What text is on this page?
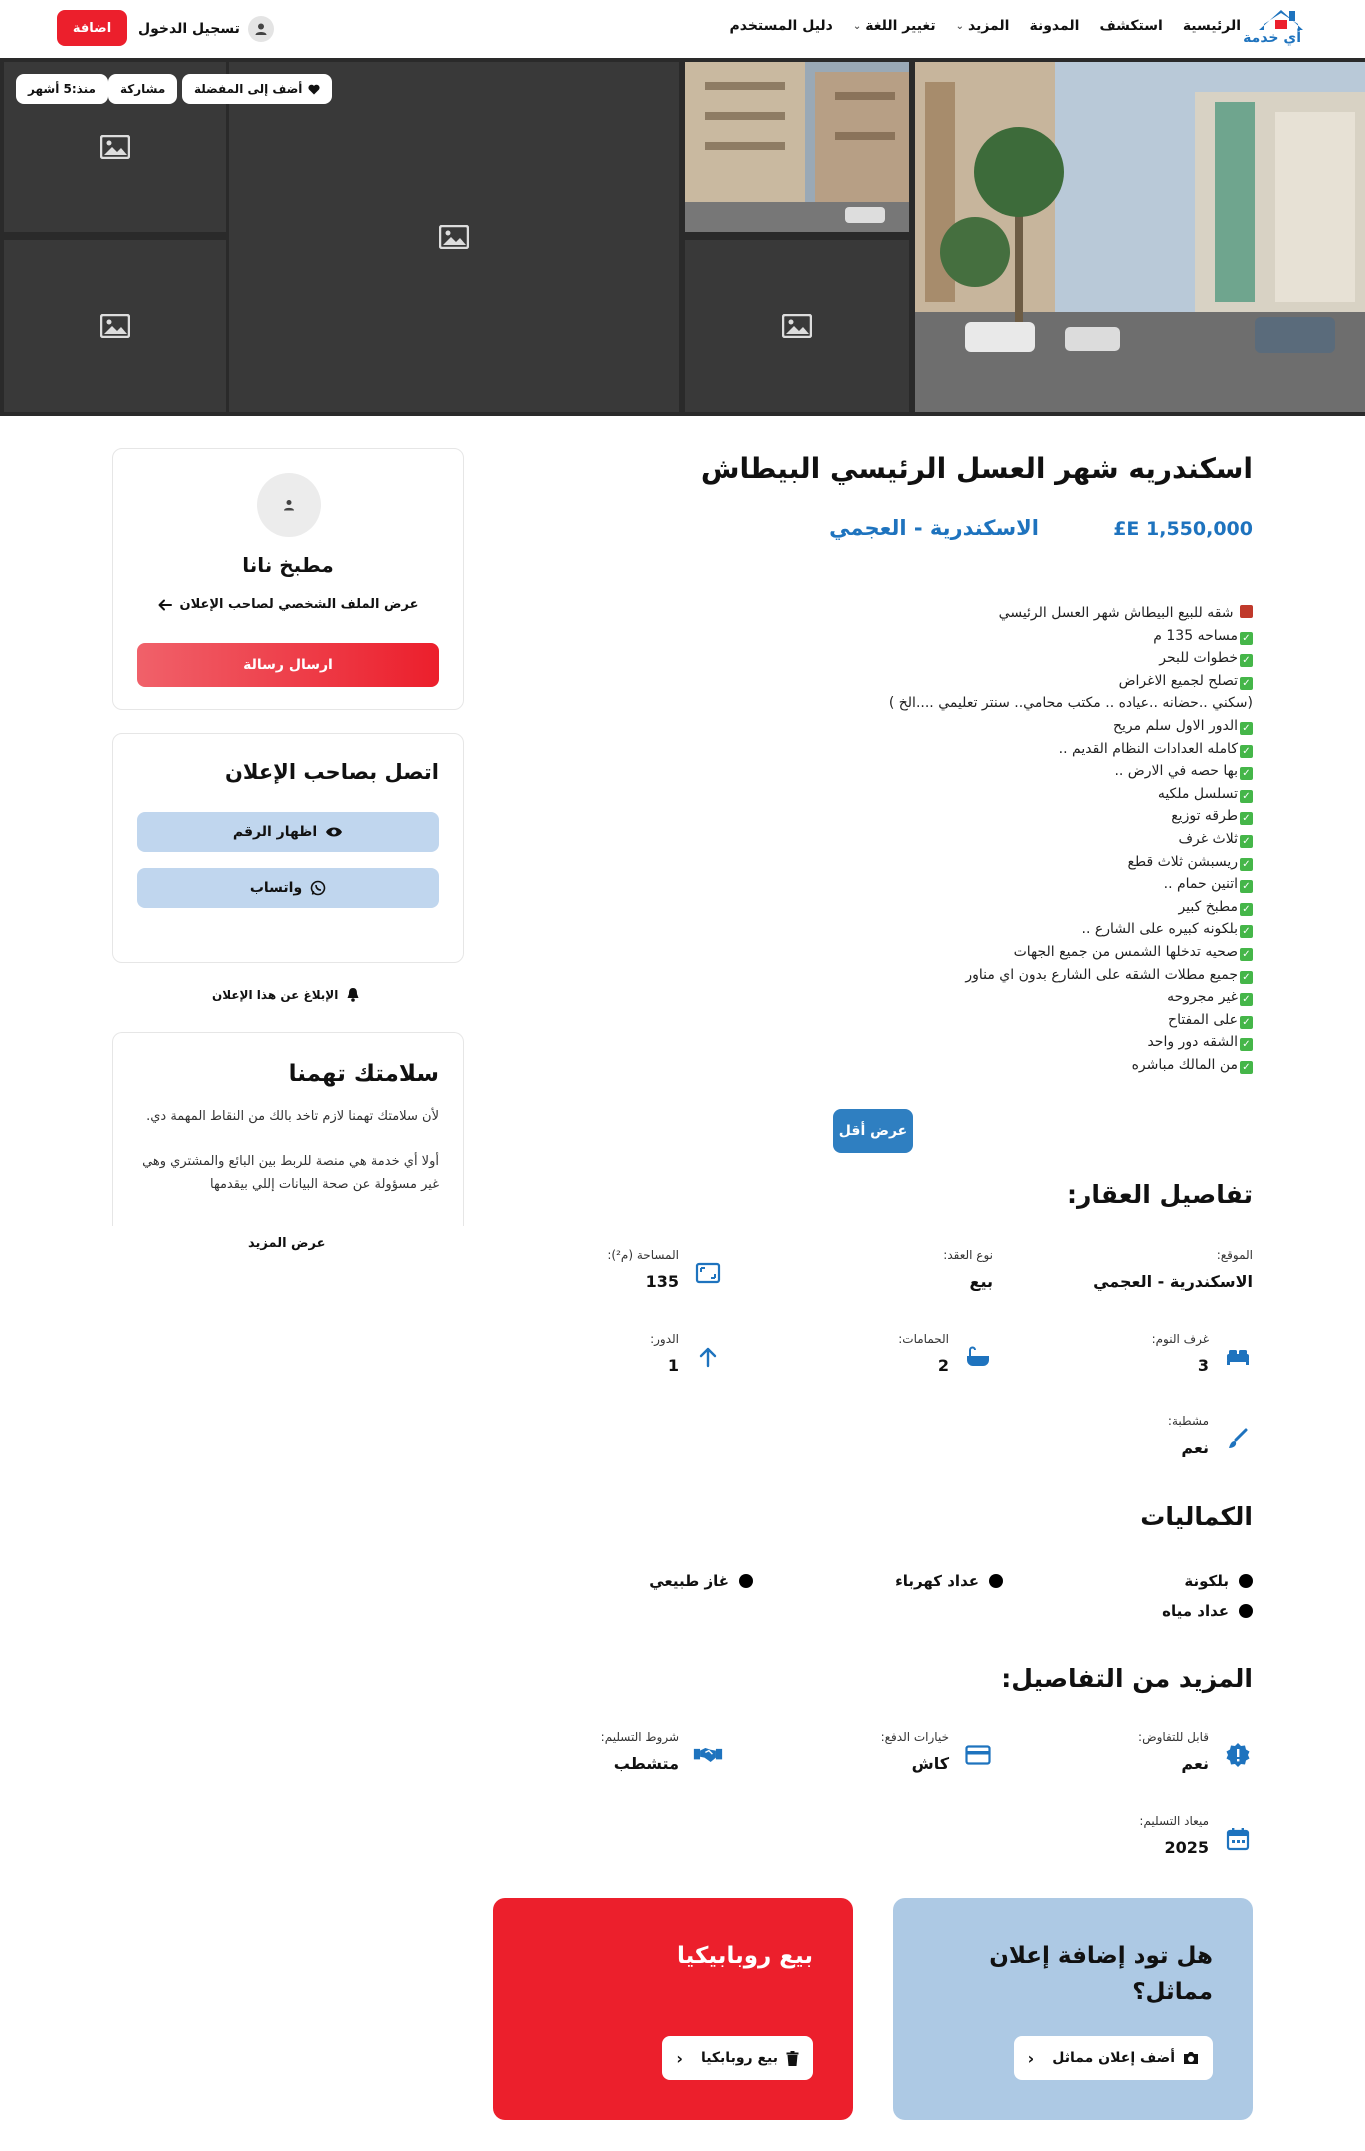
أي خدمة
الرئيسية
استكشف
المدونة
المزيد
⌄
تغيير اللغة
⌄
دليل المستخدم
تسجيل الدخول
اضافة
أضف إلى المفضلة
مشاركة
منذ:5 أشهر
اسكندريه شهر العسل الرئيسي البيطاش
£E 1,550,000
الاسكندرية - العجمي
شقه للبيع البيطاش شهر العسل الرئيسي
✓مساحه 135 م
✓خطوات للبحر
✓تصلح لجميع الاغراض
(سكني ..حضانه ..عياده .. مكتب محامي.. سنتر تعليمي ....الخ )
✓الدور الاول سلم مريح
✓كامله العدادات النظام القديم ..
✓بها حصه في الارض ..
✓تسلسل ملكيه
✓طرقه توزيع
✓ثلاث غرف
✓ريسبشن ثلاث قطع
✓اتنين حمام ..
✓مطبخ كبير
✓بلكونه كبيره على الشارع ..
✓صحيه تدخلها الشمس من جميع الجهات
✓جميع مطلات الشقه على الشارع بدون اي مناور
✓غير مجروحه
✓على المفتاح
✓الشقه دور واحد
✓من المالك مباشره
عرض أقل
تفاصيل العقار:
الموقع:
الاسكندرية - العجمي
نوع العقد:
بيع
المساحة (م²):
135
غرف النوم:
3
الحمامات:
2
الدور:
1
مشطبة:
نعم
الكماليات
بلكونة
عداد كهرباء
غاز طبيعي
عداد مياه
المزيد من التفاصيل:
قابل للتفاوض:
نعم
خيارات الدفع:
كاش
شروط التسليم:
متشطب
ميعاد التسليم:
2025
هل تود إضافة إعلان مماثل؟
أضف إعلان مماثل
‹
بيع روبابيكيا
بيع روبابكيا
‹
مطبخ نانا
عرض الملف الشخصي لصاحب الإعلان
ارسال رسالة
اتصل بصاحب الإعلان
اظهار الرقم
واتساب
الإبلاغ عن هذا الإعلان
سلامتك تهمنا
لأن سلامتك تهمنا لازم تاخد بالك من النقاط المهمة دي.
أولا أي خدمة هي منصة للربط بين البائع والمشتري وهي غير مسؤولة عن صحة البيانات إللي بيقدمها
عرض المزيد
